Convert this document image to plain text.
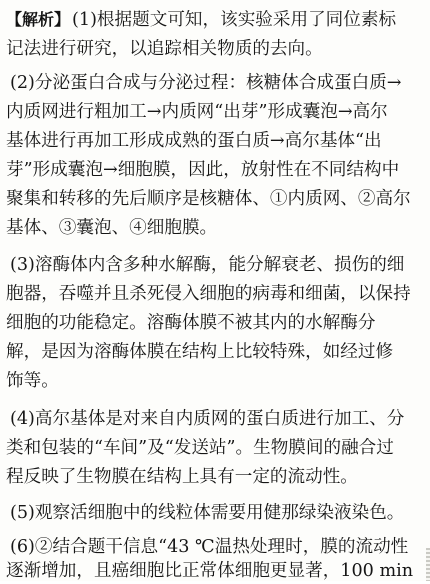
【解析】 (1)根据题文可知，该实验采用了同位素标
记法进行研究，以追踪相关物质的去向。
(2)分泌蛋白合成与分泌过程：核糖体合成蛋白质→
内质网进行粗加工→内质网“出芽”形成囊泡→高尔
基体进行再加工形成成熟的蛋白质→高尔基体“出
芽”形成囊泡→细胞膜，因此，放射性在不同结构中
聚集和转移的先后顺序是核糖体、①内质网、②高尔
基体、③囊泡、④细胞膜。
(3)溶酶体内含多种水解酶，能分解衰老、损伤的细
胞器，吞噬并且杀死侵入细胞的病毒和细菌，以保持
细胞的功能稳定。溶酶体膜不被其内的水解酶分
解，是因为溶酶体膜在结构上比较特殊，如经过修
饰等。
(4)高尔基体是对来自内质网的蛋白质进行加工、分
类和包装的“车间”及“发送站”。生物膜间的融合过
程反映了生物膜在结构上具有一定的流动性。
(5)观察活细胞中的线粒体需要用健那绿染液染色。
(6)②结合题干信息“43 ℃温热处理时，膜的流动性
逐渐增加，且癌细胞比正常体细胞更显著，100 min
